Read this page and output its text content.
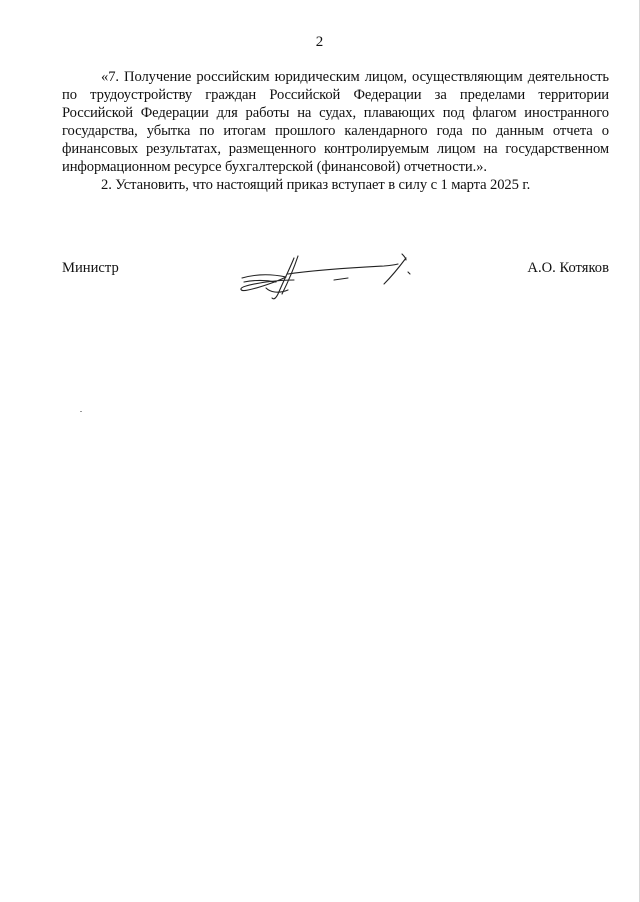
2

«7. Получение российским юридическим лицом, осуществляющим деятельность по трудоустройству граждан Российской Федерации за пределами территории Российской Федерации для работы на судах, плавающих под флагом иностранного государства, убытка по итогам прошлого календарного года по данным отчета о финансовых результатах, размещенного контролируемым лицом на государственном информационном ресурсе бухгалтерской (финансовой) отчетности.».

2. Установить, что настоящий приказ вступает в силу с 1 марта 2025 г.

Министр	А.О. Котяков
